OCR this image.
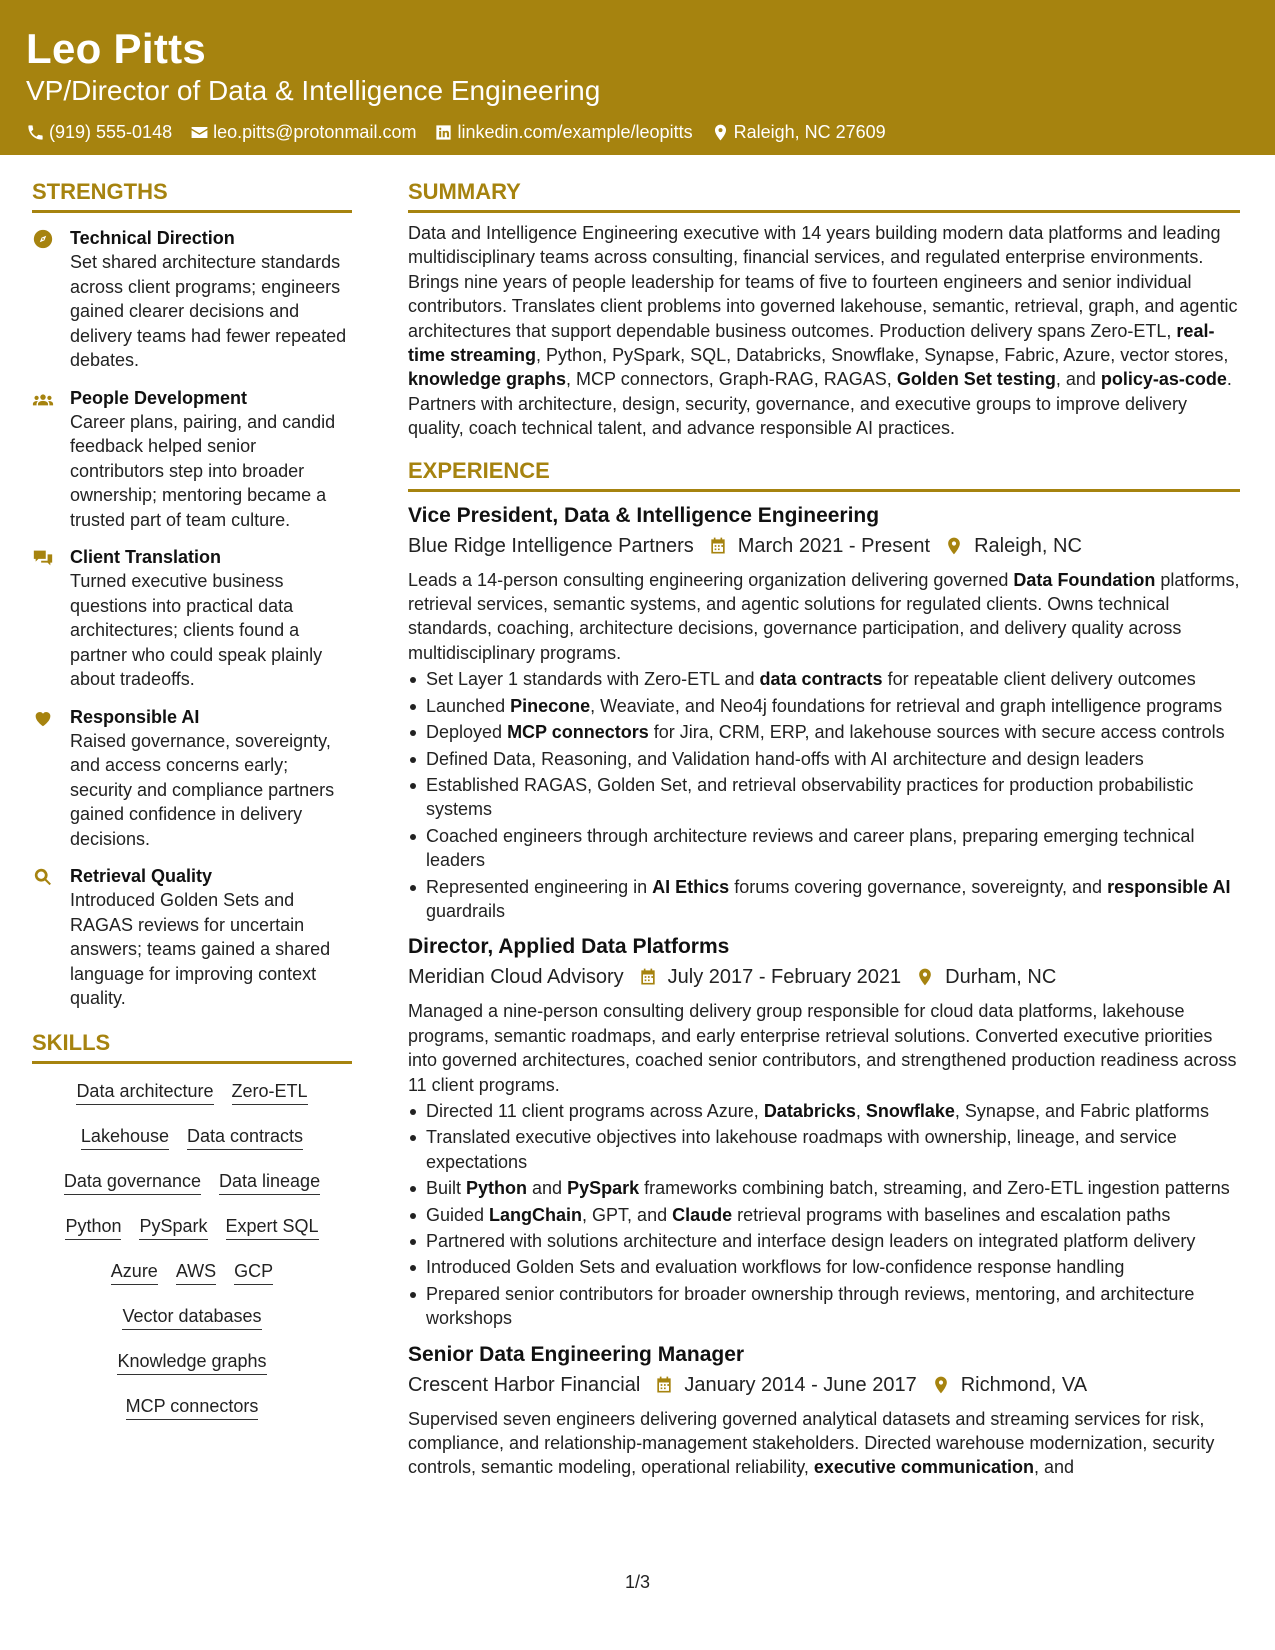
Leo Pitts
VP/Director of Data & Intelligence Engineering
(919) 555-0148 leo.pitts@protonmail.com linkedin.com/example/leopitts Raleigh, NC 27609
STRENGTHS
Technical Direction
Set shared architecture standards across client programs; engineers gained clearer decisions and delivery teams had fewer repeated debates.
People Development
Career plans, pairing, and candid feedback helped senior contributors step into broader ownership; mentoring became a trusted part of team culture.
Client Translation
Turned executive business questions into practical data architectures; clients found a partner who could speak plainly about tradeoffs.
Responsible AI
Raised governance, sovereignty, and access concerns early; security and compliance partners gained confidence in delivery decisions.
Retrieval Quality
Introduced Golden Sets and RAGAS reviews for uncertain answers; teams gained a shared language for improving context quality.
SKILLS
Data architecture Zero-ETL
Lakehouse Data contracts
Data governance Data lineage
Python PySpark Expert SQL
Azure AWS GCP
Vector databases
Knowledge graphs
MCP connectors
SUMMARY
Data and Intelligence Engineering executive with 14 years building modern data platforms and leading multidisciplinary teams across consulting, financial services, and regulated enterprise environments. Brings nine years of people leadership for teams of five to fourteen engineers and senior individual contributors. Translates client problems into governed lakehouse, semantic, retrieval, graph, and agentic architectures that support dependable business outcomes. Production delivery spans Zero-ETL, real-time streaming, Python, PySpark, SQL, Databricks, Snowflake, Synapse, Fabric, Azure, vector stores, knowledge graphs, MCP connectors, Graph-RAG, RAGAS, Golden Set testing, and policy-as-code. Partners with architecture, design, security, governance, and executive groups to improve delivery quality, coach technical talent, and advance responsible AI practices.
EXPERIENCE
Vice President, Data & Intelligence Engineering
Blue Ridge Intelligence Partners March 2021 - Present Raleigh, NC
Leads a 14-person consulting engineering organization delivering governed Data Foundation platforms, retrieval services, semantic systems, and agentic solutions for regulated clients. Owns technical standards, coaching, architecture decisions, governance participation, and delivery quality across multidisciplinary programs.
Set Layer 1 standards with Zero-ETL and data contracts for repeatable client delivery outcomes
Launched Pinecone, Weaviate, and Neo4j foundations for retrieval and graph intelligence programs
Deployed MCP connectors for Jira, CRM, ERP, and lakehouse sources with secure access controls
Defined Data, Reasoning, and Validation hand-offs with AI architecture and design leaders
Established RAGAS, Golden Set, and retrieval observability practices for production probabilistic systems
Coached engineers through architecture reviews and career plans, preparing emerging technical leaders
Represented engineering in AI Ethics forums covering governance, sovereignty, and responsible AI guardrails
Director, Applied Data Platforms
Meridian Cloud Advisory July 2017 - February 2021 Durham, NC
Managed a nine-person consulting delivery group responsible for cloud data platforms, lakehouse programs, semantic roadmaps, and early enterprise retrieval solutions. Converted executive priorities into governed architectures, coached senior contributors, and strengthened production readiness across 11 client programs.
Directed 11 client programs across Azure, Databricks, Snowflake, Synapse, and Fabric platforms
Translated executive objectives into lakehouse roadmaps with ownership, lineage, and service expectations
Built Python and PySpark frameworks combining batch, streaming, and Zero-ETL ingestion patterns
Guided LangChain, GPT, and Claude retrieval programs with baselines and escalation paths
Partnered with solutions architecture and interface design leaders on integrated platform delivery
Introduced Golden Sets and evaluation workflows for low-confidence response handling
Prepared senior contributors for broader ownership through reviews, mentoring, and architecture workshops
Senior Data Engineering Manager
Crescent Harbor Financial January 2014 - June 2017 Richmond, VA
Supervised seven engineers delivering governed analytical datasets and streaming services for risk, compliance, and relationship-management stakeholders. Directed warehouse modernization, security controls, semantic modeling, operational reliability, executive communication, and
1/3
